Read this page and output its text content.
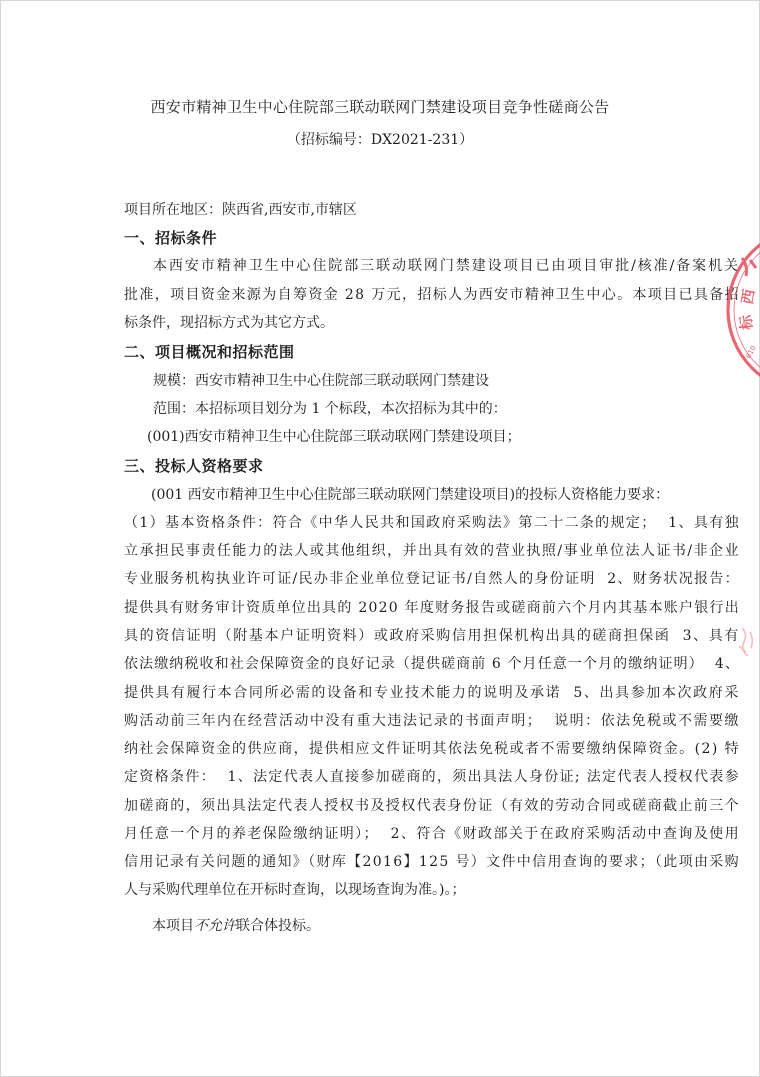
西安市精神卫生中心住院部三联动联网门禁建设项目竞争性磋商公告
（招标编号：DX2021-231）
项目所在地区：陕西省,西安市,市辖区
一、招标条件
本西安市精神卫生中心住院部三联动联网门禁建设项目已由项目审批/核准/备案机关
批准，项目资金来源为自筹资金 28 万元，招标人为西安市精神卫生中心。本项目已具备招
标条件，现招标方式为其它方式。
二、项目概况和招标范围
规模：西安市精神卫生中心住院部三联动联网门禁建设
范围：本招标项目划分为 1 个标段，本次招标为其中的：
(001)西安市精神卫生中心住院部三联动联网门禁建设项目；
三、投标人资格要求
(001 西安市精神卫生中心住院部三联动联网门禁建设项目)的投标人资格能力要求：
（1）基本资格条件：符合《中华人民共和国政府采购法》第二十二条的规定；  1、具有独
立承担民事责任能力的法人或其他组织，并出具有效的营业执照/事业单位法人证书/非企业
专业服务机构执业许可证/民办非企业单位登记证书/自然人的身份证明  2、财务状况报告：
提供具有财务审计资质单位出具的 2020 年度财务报告或磋商前六个月内其基本账户银行出
具的资信证明（附基本户证明资料）或政府采购信用担保机构出具的磋商担保函  3、具有
依法缴纳税收和社会保障资金的良好记录（提供磋商前 6 个月任意一个月的缴纳证明）  4、
提供具有履行本合同所必需的设备和专业技术能力的说明及承诺  5、出具参加本次政府采
购活动前三年内在经营活动中没有重大违法记录的书面声明；  说明：依法免税或不需要缴
纳社会保障资金的供应商，提供相应文件证明其依法免税或者不需要缴纳保障资金。(2) 特
定资格条件：  1、法定代表人直接参加磋商的，须出具法人身份证; 法定代表人授权代表参
加磋商的，须出具法定代表人授权书及授权代表身份证（有效的劳动合同或磋商截止前三个
月任意一个月的养老保险缴纳证明）；  2、符合《财政部关于在政府采购活动中查询及使用
信用记录有关问题的通知》（财库【2016】125 号）文件中信用查询的要求；（此项由采购
人与采购代理单位在开标时查询，以现场查询为准。)。；
本项目不允许联合体投标。
西
标
610
